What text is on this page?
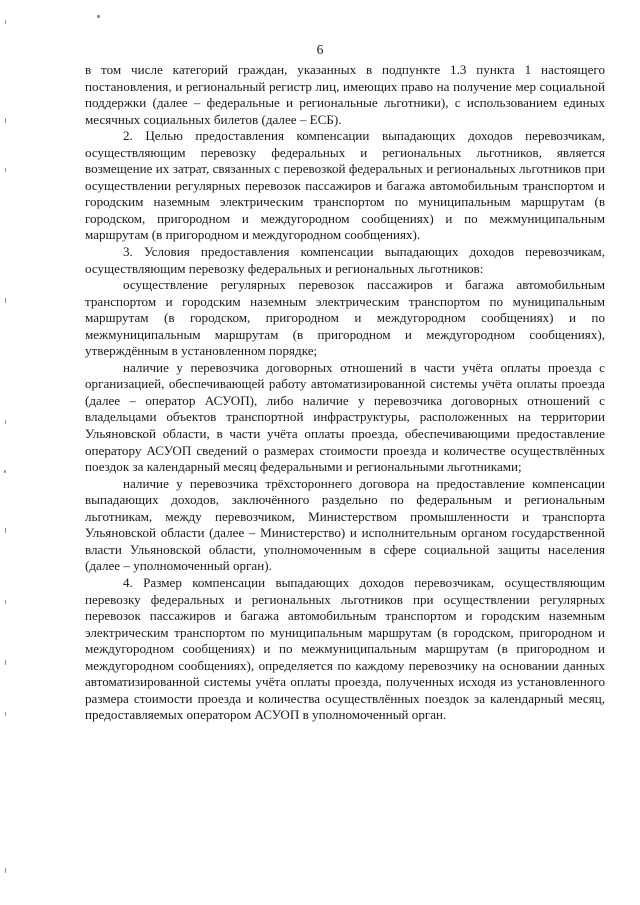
6

в том числе категорий граждан, указанных в подпункте 1.3 пункта 1 настоящего постановления, и региональный регистр лиц, имеющих право на получение мер социальной поддержки (далее – федеральные и региональные льготники), с использованием единых месячных социальных билетов (далее – ЕСБ).

2. Целью предоставления компенсации выпадающих доходов перевозчикам, осуществляющим перевозку федеральных и региональных льготников, является возмещение их затрат, связанных с перевозкой федеральных и региональных льготников при осуществлении регулярных перевозок пассажиров и багажа автомобильным транспортом и городским наземным электрическим транспортом по муниципальным маршрутам (в городском, пригородном и междугородном сообщениях) и по межмуниципальным маршрутам (в пригородном и междугородном сообщениях).

3. Условия предоставления компенсации выпадающих доходов перевозчикам, осуществляющим перевозку федеральных и региональных льготников:

осуществление регулярных перевозок пассажиров и багажа автомобильным транспортом и городским наземным электрическим транспортом по муниципальным маршрутам (в городском, пригородном и междугородном сообщениях) и по межмуниципальным маршрутам (в пригородном и междугородном сообщениях), утверждённым в установленном порядке;

наличие у перевозчика договорных отношений в части учёта оплаты проезда с организацией, обеспечивающей работу автоматизированной системы учёта оплаты проезда (далее – оператор АСУОП), либо наличие у перевозчика договорных отношений с владельцами объектов транспортной инфраструктуры, расположенных на территории Ульяновской области, в части учёта оплаты проезда, обеспечивающими предоставление оператору АСУОП сведений о размерах стоимости проезда и количестве осуществлённых поездок за календарный месяц федеральными и региональными льготниками;

наличие у перевозчика трёхстороннего договора на предоставление компенсации выпадающих доходов, заключённого раздельно по федеральным и региональным льготникам, между перевозчиком, Министерством промышленности и транспорта Ульяновской области (далее – Министерство) и исполнительным органом государственной власти Ульяновской области, уполномоченным в сфере социальной защиты населения (далее – уполномоченный орган).

4. Размер компенсации выпадающих доходов перевозчикам, осуществляющим перевозку федеральных и региональных льготников при осуществлении регулярных перевозок пассажиров и багажа автомобильным транспортом и городским наземным электрическим транспортом по муниципальным маршрутам (в городском, пригородном и междугородном сообщениях) и по межмуниципальным маршрутам (в пригородном и междугородном сообщениях), определяется по каждому перевозчику на основании данных автоматизированной системы учёта оплаты проезда, полученных исходя из установленного размера стоимости проезда и количества осуществлённых поездок за календарный месяц, предоставляемых оператором АСУОП в уполномоченный орган.
